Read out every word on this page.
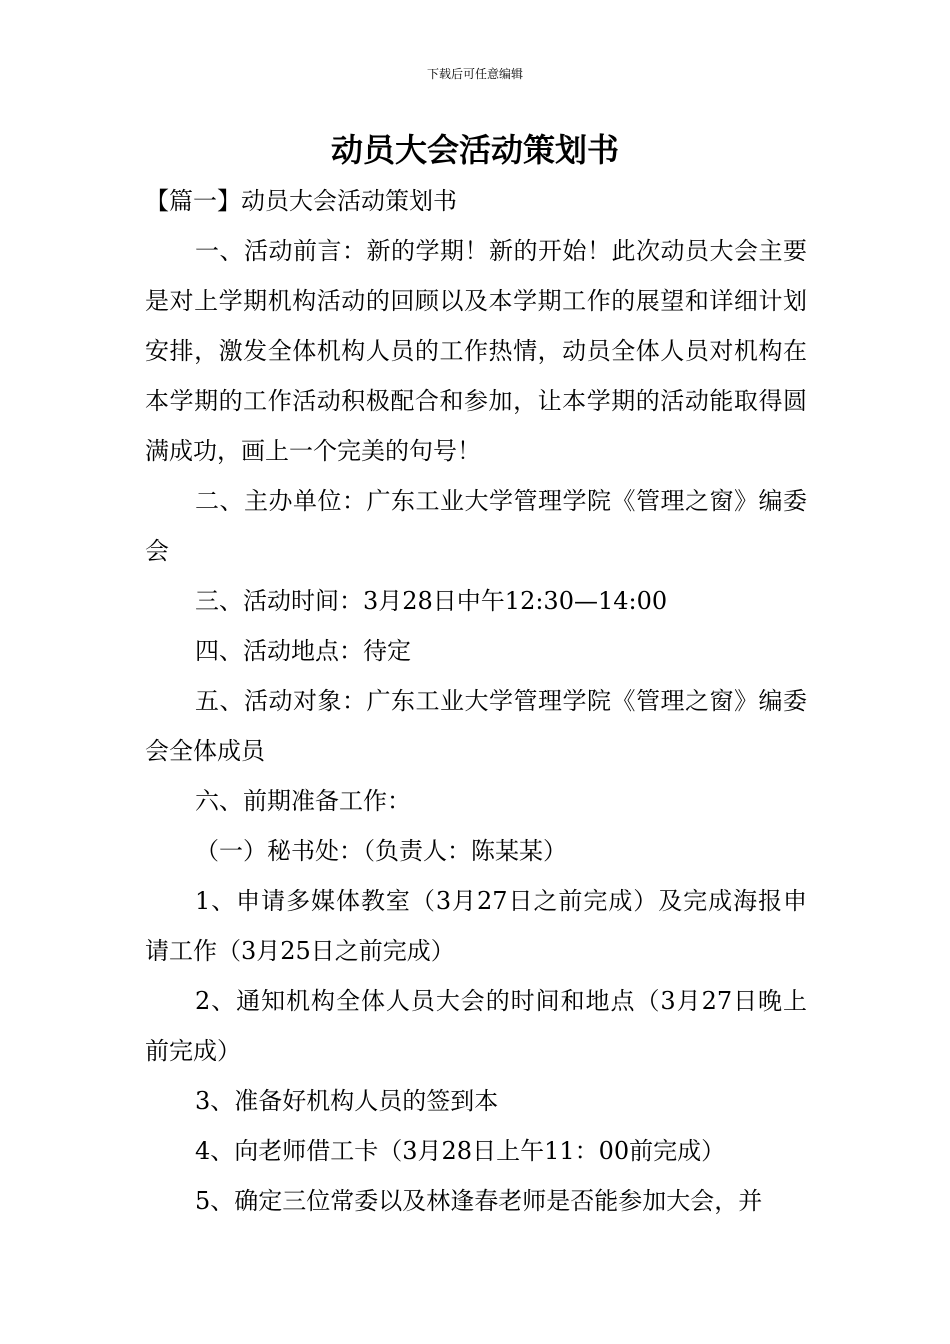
下载后可任意编辑
动员大会活动策划书

【篇一】动员大会活动策划书

一、活动前言：新的学期！新的开始！此次动员大会主要是对上学期机构活动的回顾以及本学期工作的展望和详细计划安排，激发全体机构人员的工作热情，动员全体人员对机构在本学期的工作活动积极配合和参加，让本学期的活动能取得圆满成功，画上一个完美的句号！

二、主办单位：广东工业大学管理学院《管理之窗》编委会

三、活动时间：3月28日中午12:30—14:00

四、活动地点：待定

五、活动对象：广东工业大学管理学院《管理之窗》编委会全体成员

六、前期准备工作：

（一）秘书处：（负责人：陈某某）

1、申请多媒体教室（3月27日之前完成）及完成海报申请工作（3月25日之前完成）

2、通知机构全体人员大会的时间和地点（3月27日晚上前完成）

3、准备好机构人员的签到本

4、向老师借工卡（3月28日上午11：00前完成）

5、确定三位常委以及林逢春老师是否能参加大会，并
